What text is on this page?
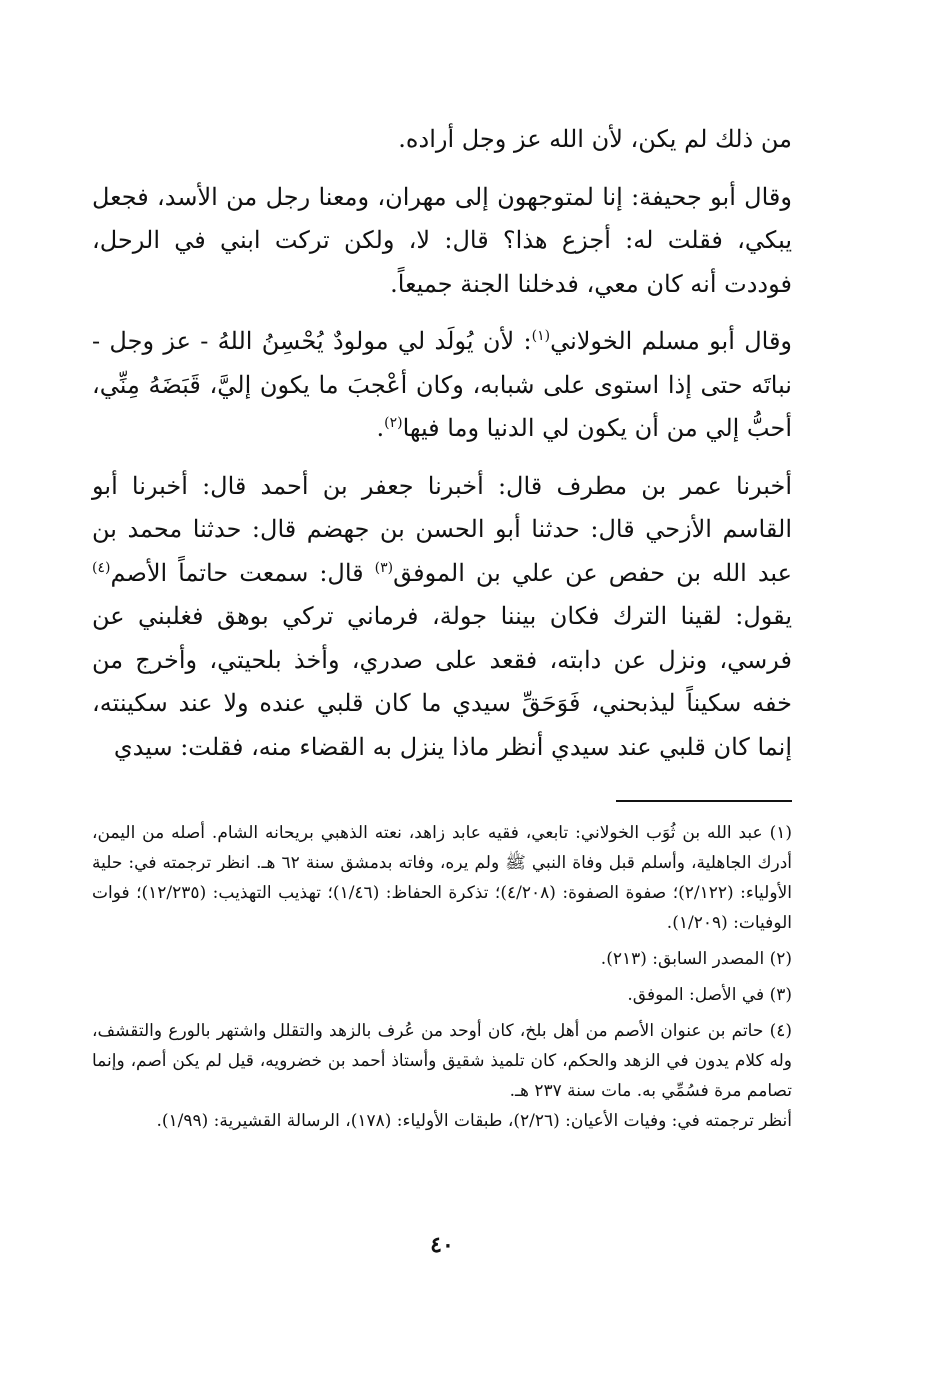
من ذلك لم يكن، لأن الله عز وجل أراده.

وقال أبو جحيفة: إنا لمتوجهون إلى مهران، ومعنا رجل من الأسد، فجعل يبكي، فقلت له: أجزع هذا؟ قال: لا، ولكن تركت ابني في الرحل، فوددت أنه كان معي، فدخلنا الجنة جميعاً.

وقال أبو مسلم الخولاني$^{(١)}$: لأن يُولَد لي مولودٌ يُحْسِنُ اللهُ - عز وجل - نباتَه حتى إذا استوى على شبابه، وكان أعْجبَ ما يكون إليَّ، قَبَضَهُ مِنِّي، أحبُّ إلي من أن يكون لي الدنيا وما فيها$^{(٢)}$.

أخبرنا عمر بن مطرف قال: أخبرنا جعفر بن أحمد قال: أخبرنا أبو القاسم الأزحي قال: حدثنا أبو الحسن بن جهضم قال: حدثنا محمد بن عبد الله بن حفص عن علي بن الموفق$^{(٣)}$ قال: سمعت حاتماً الأصم$^{(٤)}$ يقول: لقينا الترك فكان بيننا جولة، فرماني تركي بوهق فغلبني عن فرسي، ونزل عن دابته، فقعد على صدري، وأخذ بلحيتي، وأخرج من خفه سكيناً ليذبحني، فَوَحَقِّ سيدي ما كان قلبي عنده ولا عند سكينته، إنما كان قلبي عند سيدي أنظر ماذا ينزل به القضاء منه، فقلت: سيدي

(١) عبد الله بن ثُوَب الخولاني: تابعي، فقيه عابد زاهد، نعته الذهبي بريحانه الشام. أصله من اليمن، أدرك الجاهلية، وأسلم قبل وفاة النبي ﷺ ولم يره، وفاته بدمشق سنة ٦٢ هـ. انظر ترجمته في: حلية الأولياء: (٢/١٢٢)؛ صفوة الصفوة: (٤/٢٠٨)؛ تذكرة الحفاظ: (١/٤٦)؛ تهذيب التهذيب: (١٢/٢٣٥)؛ فوات الوفيات: (١/٢٠٩).

(٢) المصدر السابق: (٢١٣).

(٣) في الأصل: الموفق.

(٤) حاتم بن عنوان الأصم من أهل بلخ، كان أوحد من عُرف بالزهد والتقلل واشتهر بالورع والتقشف، وله كلام يدون في الزهد والحكم، كان تلميذ شقيق وأستاذ أحمد بن خضرويه، قيل لم يكن أصم، وإنما تصامم مرة فسُمِّي به. مات سنة ٢٣٧ هـ.

أنظر ترجمته في: وفيات الأعيان: (٢/٢٦)، طبقات الأولياء: (١٧٨)، الرسالة القشيرية: (١/٩٩).

٤٠
